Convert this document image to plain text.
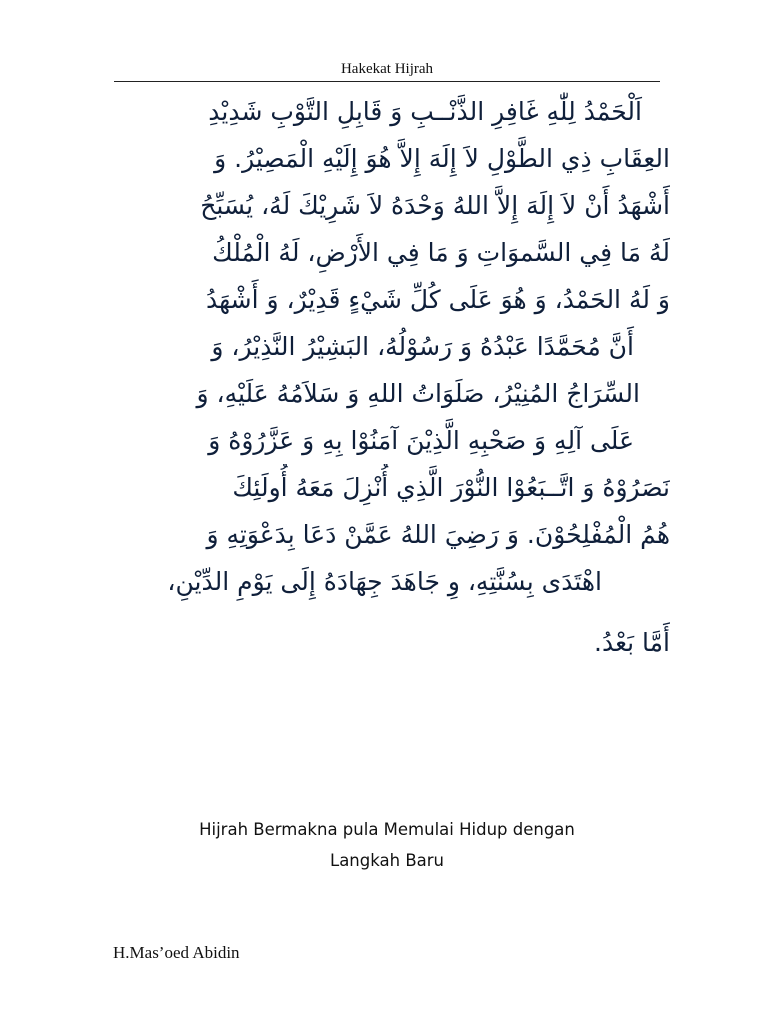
Hakekat Hijrah
اَلْحَمْدُ لِلّٰهِ غَافِرِ الذَّنْــبِ وَ قَابِلِ التَّوْبِ شَدِيْدِ
العِقَابِ ذِي الطَّوْلِ لاَ إِلَهَ إِلاَّ هُوَ إِلَيْهِ الْمَصِيْرُ. وَ
أَشْهَدُ أَنْ لاَ إِلَهَ إِلاَّ اللهُ وَحْدَهُ لاَ شَرِيْكَ لَهُ، يُسَبِّحُ
لَهُ مَا فِي السَّموَاتِ وَ مَا فِي الأَرْضِ، لَهُ الْمُلْكُ
وَ لَهُ الحَمْدُ، وَ هُوَ عَلَى كُلِّ شَيْءٍ قَدِيْرٌ، وَ أَشْهَدُ
أَنَّ مُحَمَّدًا عَبْدُهُ وَ رَسُوْلُهُ، البَشِيْرُ النَّذِيْرُ، وَ
السِّرَاجُ المُنِيْرُ، صَلَوَاتُ اللهِ وَ سَلاَمُهُ عَلَيْهِ، وَ
عَلَى آلِهِ وَ صَحْبِهِ الَّذِيْنَ آمَنُوْا بِهِ وَ عَزَّرُوْهُ وَ
نَصَرُوْهُ وَ اتَّــبَعُوْا النُّوْرَ الَّذِي أُنْزِلَ مَعَهُ أُولَئِكَ
هُمُ الْمُفْلِحُوْنَ. وَ رَضِيَ اللهُ عَمَّنْ دَعَا بِدَعْوَتِهِ وَ
اهْتَدَى بِسُنَّتِهِ، وِ جَاهَدَ جِهَادَهُ إِلَى يَوْمِ الدِّيْنِ،
أَمَّا بَعْدُ.
Hijrah Bermakna pula Memulai Hidup dengan
Langkah Baru
H.Mas’oed Abidin
